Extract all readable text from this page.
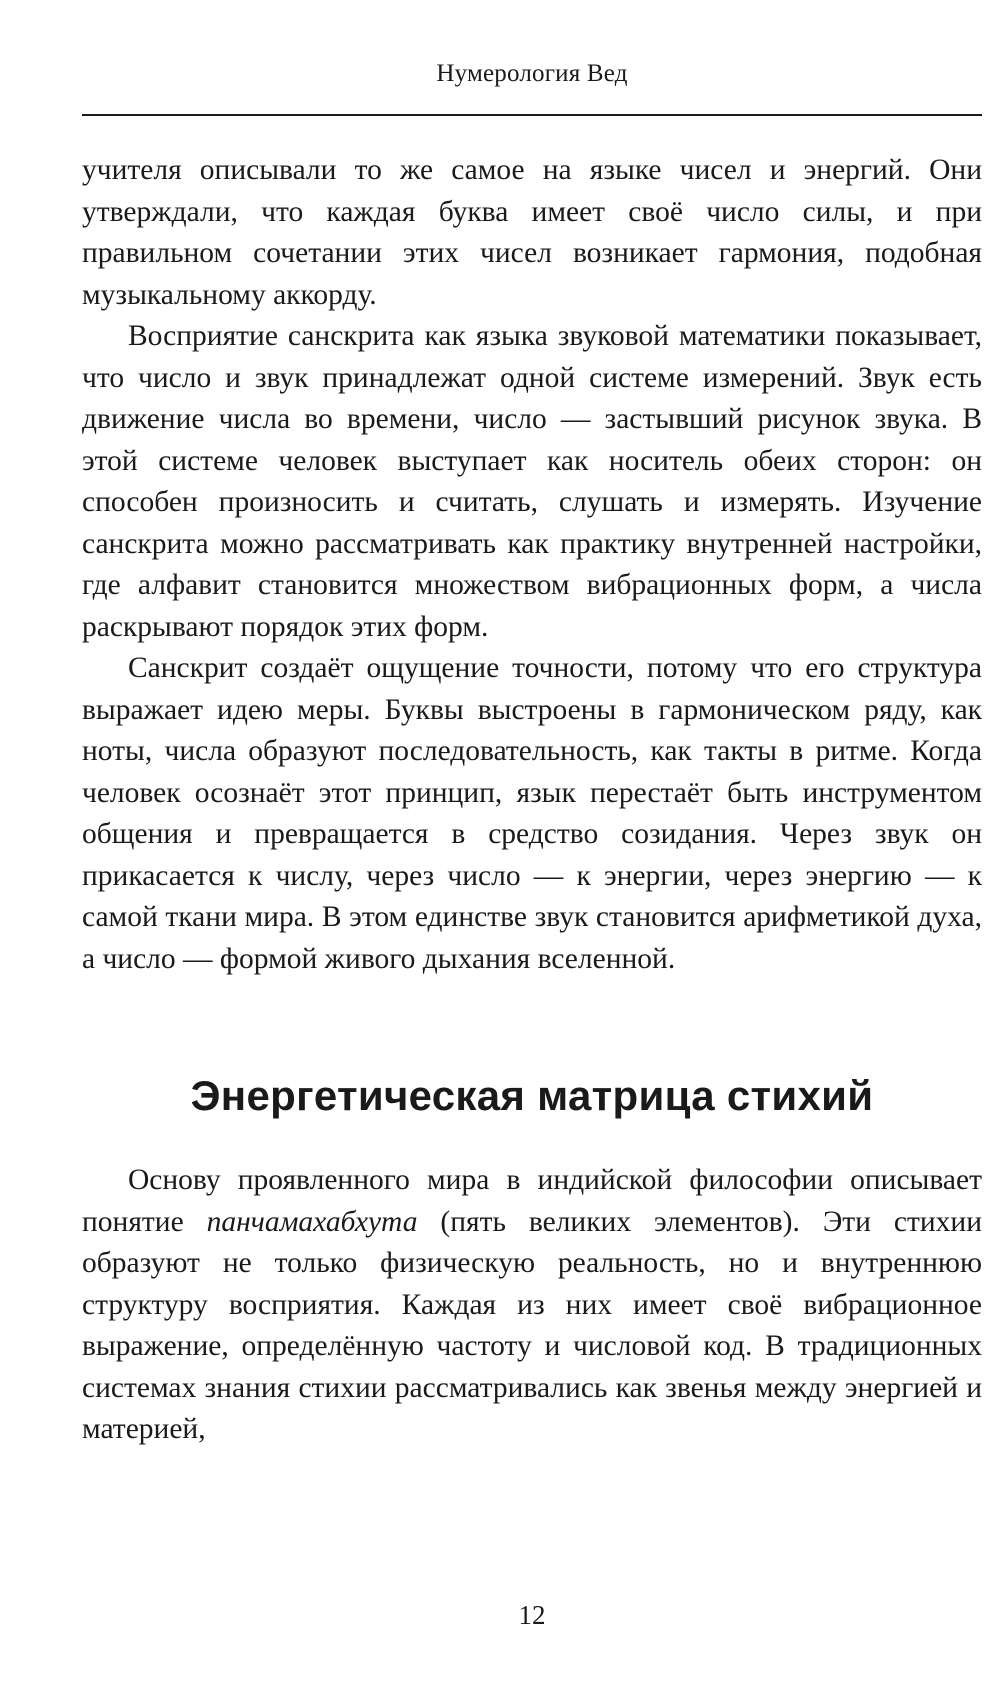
Нумерология Вед

учителя описывали то же самое на языке чисел и энергий. Они утверждали, что каждая буква имеет своё число силы, и при правильном сочетании этих чисел возникает гармония, подобная музыкальному аккорду.

Восприятие санскрита как языка звуковой математики показывает, что число и звук принадлежат одной системе измерений. Звук есть движение числа во времени, число — застывший рисунок звука. В этой системе человек выступает как носитель обеих сторон: он способен произносить и считать, слушать и измерять. Изучение санскрита можно рассматривать как практику внутренней настройки, где алфавит становится множеством вибрационных форм, а числа раскрывают порядок этих форм.

Санскрит создаёт ощущение точности, потому что его структура выражает идею меры. Буквы выстроены в гармоническом ряду, как ноты, числа образуют последовательность, как такты в ритме. Когда человек осознаёт этот принцип, язык перестаёт быть инструментом общения и превращается в средство созидания. Через звук он прикасается к числу, через число — к энергии, через энергию — к самой ткани мира. В этом единстве звук становится арифметикой духа, а число — формой живого дыхания вселенной.

Энергетическая матрица стихий

Основу проявленного мира в индийской философии описывает понятие панчамахабхута (пять великих элементов). Эти стихии образуют не только физическую реальность, но и внутреннюю структуру восприятия. Каждая из них имеет своё вибрационное выражение, определённую частоту и числовой код. В традиционных системах знания стихии рассматривались как звенья между энергией и материей,

12
